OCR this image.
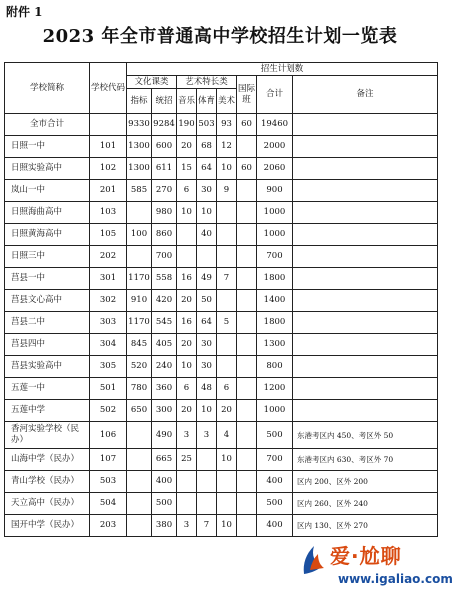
附件 1
2023 年全市普通高中学校招生计划一览表
学校简称	学校代码	招生计划数							
		文化课类		艺术特长类			国际班	合计	备注
		指标	统招	音乐	体育	美术			
全市合计		9330	9284	190	503	93	60	19460	
日照一中	101	1300	600	20	68	12		2000	
日照实验高中	102	1300	611	15	64	10	60	2060	
岚山一中	201	585	270	6	30	9		900	
日照海曲高中	103		980	10	10			1000	
日照黄海高中	105	100	860		40			1000	
日照三中	202		700					700	
莒县一中	301	1170	558	16	49	7		1800	
莒县文心高中	302	910	420	20	50			1400	
莒县二中	303	1170	545	16	64	5		1800	
莒县四中	304	845	405	20	30			1300	
莒县实验高中	305	520	240	10	30			800	
五莲一中	501	780	360	6	48	6		1200	
五莲中学	502	650	300	20	10	20		1000	
香河实验学校（民办）	106		490	3	3	4		500	东港考区内 450、考区外 50
山海中学（民办）	107		665	25		10		700	东港考区内 630、考区外 70
青山学校（民办）	503		400					400	区内 200、区外 200
天立高中（民办）	504		500					500	区内 260、区外 240
国开中学（民办）	203		380	3	7	10		400	区内 130、区外 270
爱·尬聊
www.igaliao.com
